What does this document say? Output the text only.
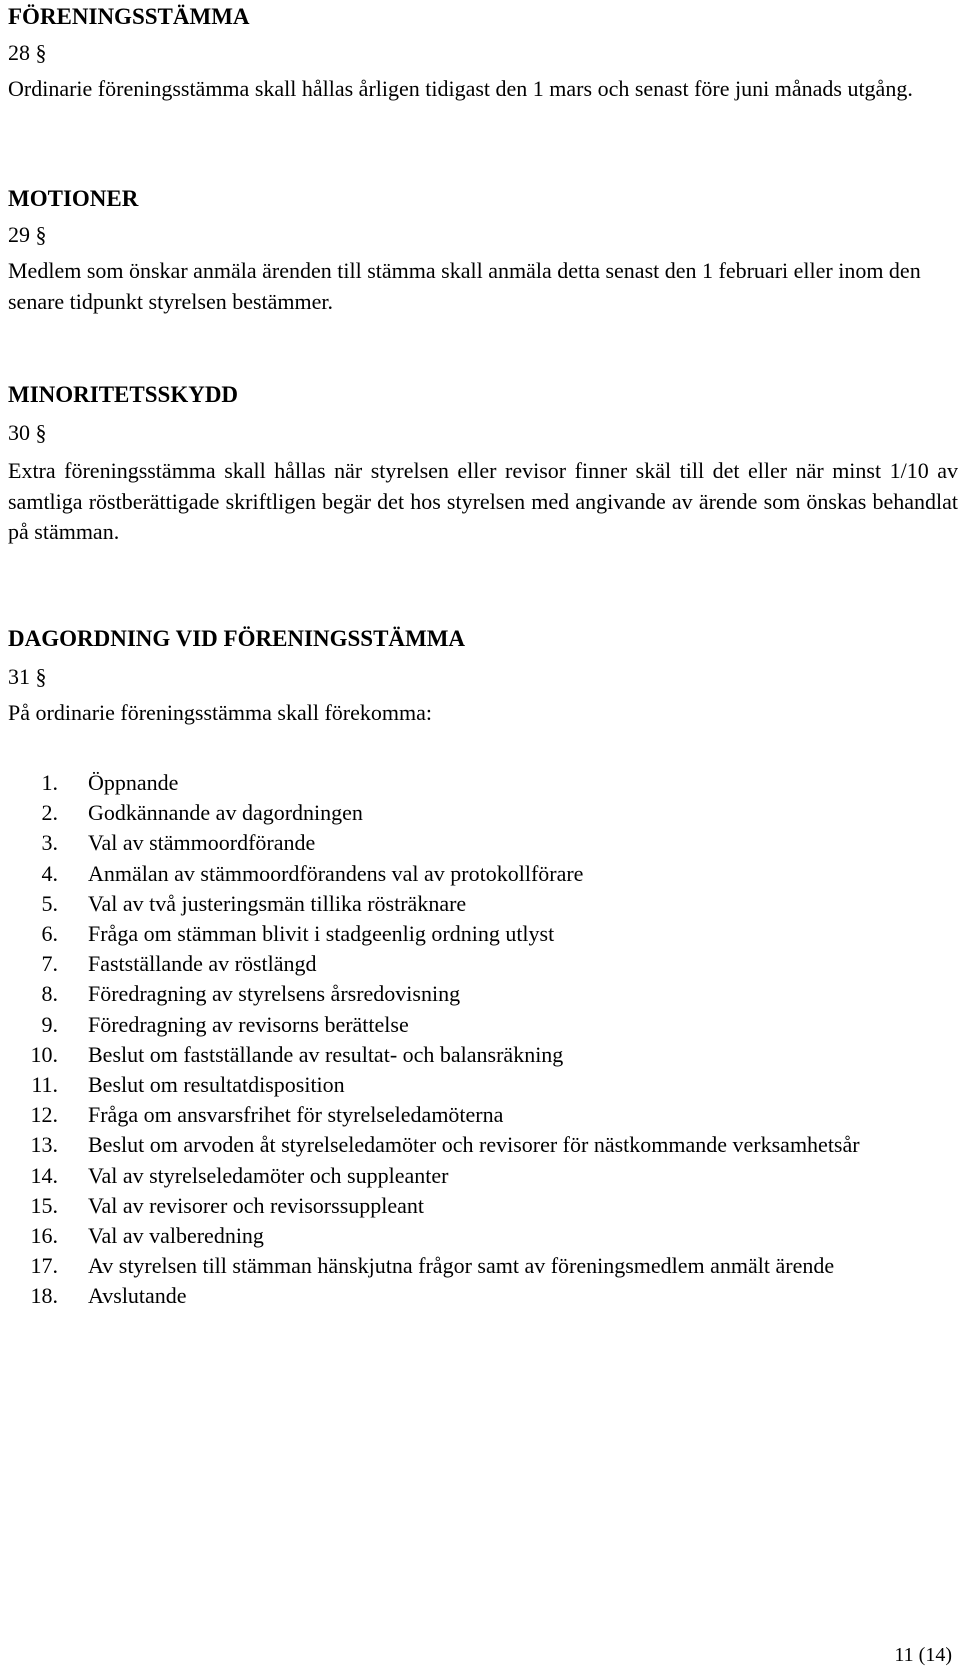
FÖRENINGSSTÄMMA
28 §
Ordinarie föreningsstämma skall hållas årligen tidigast den 1 mars och senast före juni månads utgång.
MOTIONER
29 §
Medlem som önskar anmäla ärenden till stämma skall anmäla detta senast den 1 februari eller inom den senare tidpunkt styrelsen bestämmer.
MINORITETSSKYDD
30 §
Extra föreningsstämma skall hållas när styrelsen eller revisor finner skäl till det eller när minst 1/10 av samtliga röstberättigade skriftligen begär det hos styrelsen med angivande av ärende som önskas behandlat på stämman.
DAGORDNING VID FÖRENINGSSTÄMMA
31 §
På ordinarie föreningsstämma skall förekomma:
1.	Öppnande
2.	Godkännande av dagordningen
3.	Val av stämmoordförande
4.	Anmälan av stämmoordförandens val av protokollförare
5.	Val av två justeringsmän tillika rösträknare
6.	Fråga om stämman blivit i stadgeenlig ordning utlyst
7.	Fastställande av röstlängd
8.	Föredragning av styrelsens årsredovisning
9.	Föredragning av revisorns berättelse
10.	Beslut om fastställande av resultat- och balansräkning
11.	Beslut om resultatdisposition
12.	Fråga om ansvarsfrihet för styrelseledamöterna
13.	Beslut om arvoden åt styrelseledamöter och revisorer för nästkommande verksamhetsår
14.	Val av styrelseledamöter och suppleanter
15.	Val av revisorer och revisorssuppleant
16.	Val av valberedning
17.	Av styrelsen till stämman hänskjutna frågor samt av föreningsmedlem anmält ärende
18.	Avslutande
11 (14)
